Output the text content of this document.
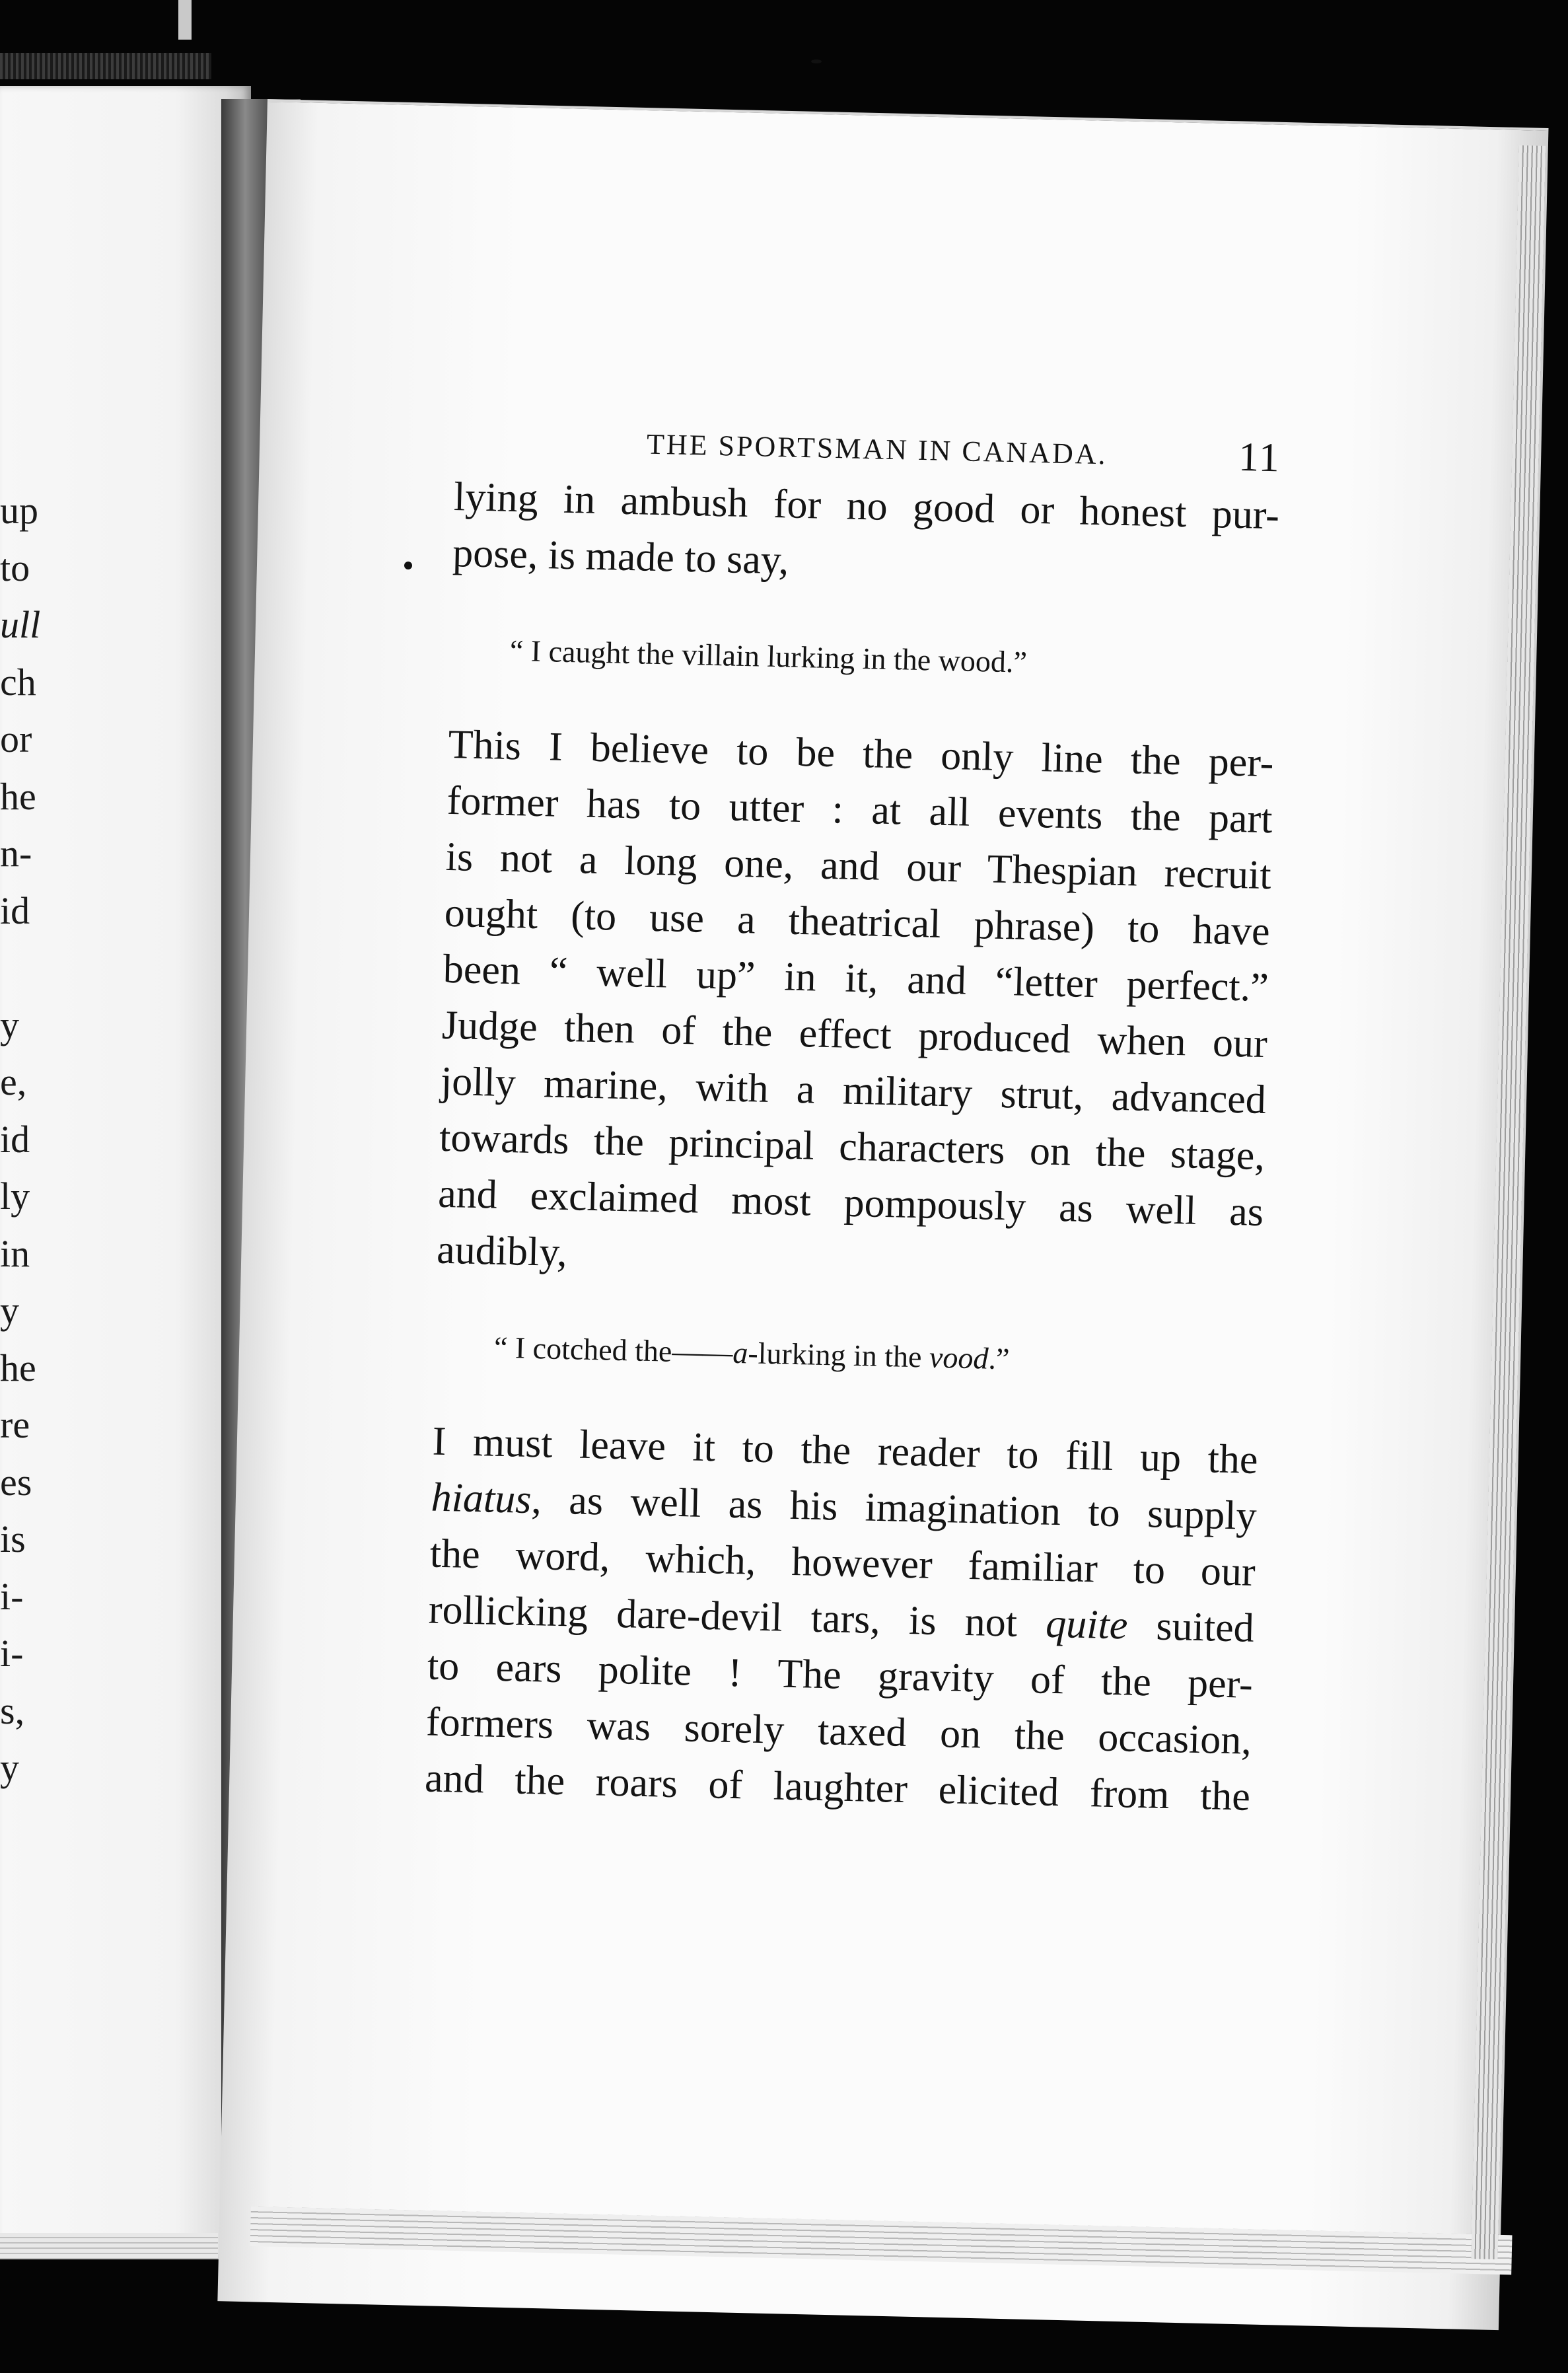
up
to
ull
ch
or
he
n-
id
y
e,
id
ly
in
y
he
re
es
is
i-
i-
s,
y
THE SPORTSMAN IN CANADA.	11
lying in ambush for no good or honest pur-
pose, is made to say,
“ I caught the villain lurking in the wood.”
This I believe to be the only line the per-
former has to utter : at all events the part
is not a long one, and our Thespian recruit
ought (to use a theatrical phrase) to have
been “ well up” in it, and “letter perfect.”
Judge then of the effect produced when our
jolly marine, with a military strut, advanced
towards the principal characters on the stage,
and exclaimed most pompously as well as
audibly,
“ I cotched the——a-lurking in the vood.”
I must leave it to the reader to fill up the
hiatus, as well as his imagination to supply
the word, which, however familiar to our
rollicking dare-devil tars, is not quite suited
to ears polite ! The gravity of the per-
formers was sorely taxed on the occasion,
and the roars of laughter elicited from the
